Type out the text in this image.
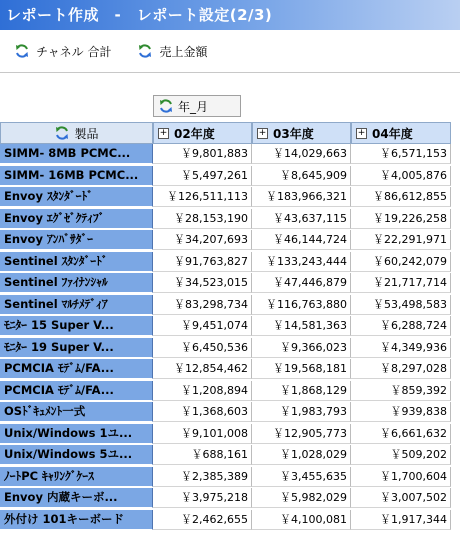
レポート作成　-　レポート設定(2/3)
チャネル 合計	売上金額
年_月
製品	+ 02年度	+ 03年度	+ 04年度
SIMM- 8MB PCMC...	￥9,801,883	￥14,029,663	￥6,571,153
SIMM- 16MB PCMC...	￥5,497,261	￥8,645,909	￥4,005,876
Envoy ｽﾀﾝﾀﾞｰﾄﾞ	￥126,511,113	￥183,966,321	￥86,612,855
Envoy ｴｸﾞｾﾞｸﾃｨﾌﾞ	￥28,153,190	￥43,637,115	￥19,226,258
Envoy ｱﾝﾊﾞｻﾀﾞｰ	￥34,207,693	￥46,144,724	￥22,291,971
Sentinel ｽﾀﾝﾀﾞｰﾄﾞ	￥91,763,827	￥133,243,444	￥60,242,079
Sentinel ﾌｧｲﾅﾝｼｬﾙ	￥34,523,015	￥47,446,879	￥21,717,714
Sentinel ﾏﾙﾁﾒﾃﾞｨｱ	￥83,298,734	￥116,763,880	￥53,498,583
ﾓﾆﾀｰ 15 Super V...	￥9,451,074	￥14,581,363	￥6,288,724
ﾓﾆﾀｰ 19 Super V...	￥6,450,536	￥9,366,023	￥4,349,936
PCMCIA ﾓﾃﾞﾑ/FA...	￥12,854,462	￥19,568,181	￥8,297,028
PCMCIA ﾓﾃﾞﾑ/FA...	￥1,208,894	￥1,868,129	￥859,392
OSﾄﾞｷｭﾒﾝﾄ一式	￥1,368,603	￥1,983,793	￥939,838
Unix/Windows 1ユ...	￥9,101,008	￥12,905,773	￥6,661,632
Unix/Windows 5ユ...	￥688,161	￥1,028,029	￥509,202
ﾉｰﾄPC ｷｬﾘﾝｸﾞｹｰｽ	￥2,385,389	￥3,455,635	￥1,700,604
Envoy 内蔵キーボ...	￥3,975,218	￥5,982,029	￥3,007,502
外付け 101キーボード	￥2,462,655	￥4,100,081	￥1,917,344
